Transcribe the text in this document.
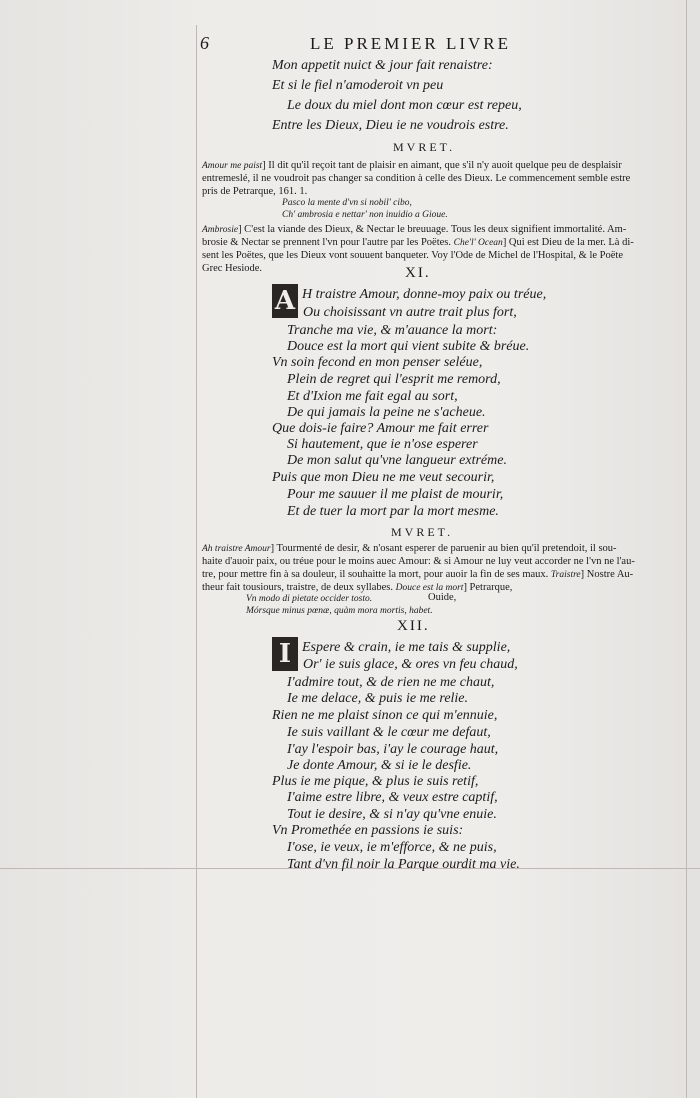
6	LE PREMIER LIVRE
Mon appetit nuict & jour fait renaistre:
Et si le fiel n'amoderoit vn peu
Le doux du miel dont mon cœur est repeu,
Entre les Dieux, Dieu ie ne voudrois estre.
MVRET.
Amour me paist] Il dit qu'il reçoit tant de plaisir en aimant, que s'il n'y auoit quelque peu de desplaisir
entremeslé, il ne voudroit pas changer sa condition à celle des Dieux. Le commencement semble estre
pris de Petrarque, 161. 1.
Pasco la mente d'vn si nobil' cibo,
Ch' ambrosia e nettar' non inuidio a Gioue.
Ambrosie] C'est la viande des Dieux, & Nectar le breuuage. Tous les deux signifient immortalité. Am-
brosie & Nectar se prennent l'vn pour l'autre par les Poëtes. Che'l' Ocean] Qui est Dieu de la mer. Là di-
sent les Poëtes, que les Dieux vont souuent banqueter. Voy l'Ode de Michel de l'Hospital, & le Poëte
Grec Hesiode.	XI.
A H traistre Amour, donne-moy paix ou tréue,
Ou choisissant vn autre trait plus fort,
Tranche ma vie, & m'auance la mort:
Douce est la mort qui vient subite & bréue.
Vn soin fecond en mon penser seléue,
Plein de regret qui l'esprit me remord,
Et d'Ixion me fait egal au sort,
De qui jamais la peine ne s'acheue.
Que dois-ie faire? Amour me fait errer
Si hautement, que ie n'ose esperer
De mon salut qu'vne langueur extréme.
Puis que mon Dieu ne me veut secourir,
Pour me sauuer il me plaist de mourir,
Et de tuer la mort par la mort mesme.
MVRET.
Ah traistre Amour] Tourmenté de desir, & n'osant esperer de paruenir au bien qu'il pretendoit, il sou-
haite d'auoir paix, ou tréue pour le moins auec Amour: & si Amour ne luy veut accorder ne l'vn ne l'au-
tre, pour mettre fin à sa douleur, il souhaitte la mort, pour auoir la fin de ses maux. Traistre] Nostre Au-
theur fait tousiours, traistre, de deux syllabes. Douce est la mort] Petrarque,
Vn modo di pietate occider tosto.	Ouide,
Mórsque minus pœnæ, quàm mora mortis, habet.
XII.
I Espere & crain, ie me tais & supplie,
Or' ie suis glace, & ores vn feu chaud,
I'admire tout, & de rien ne me chaut,
Ie me delace, & puis ie me relie.
Rien ne me plaist sinon ce qui m'ennuie,
Ie suis vaillant & le cœur me defaut,
I'ay l'espoir bas, i'ay le courage haut,
Je donte Amour, & si ie le desfie.
Plus ie me pique, & plus ie suis retif,
I'aime estre libre, & veux estre captif,
Tout ie desire, & si n'ay qu'vne enuie.
Vn Promethée en passions ie suis:
I'ose, ie veux, ie m'efforce, & ne puis,
Tant d'vn fil noir la Parque ourdit ma vie.
